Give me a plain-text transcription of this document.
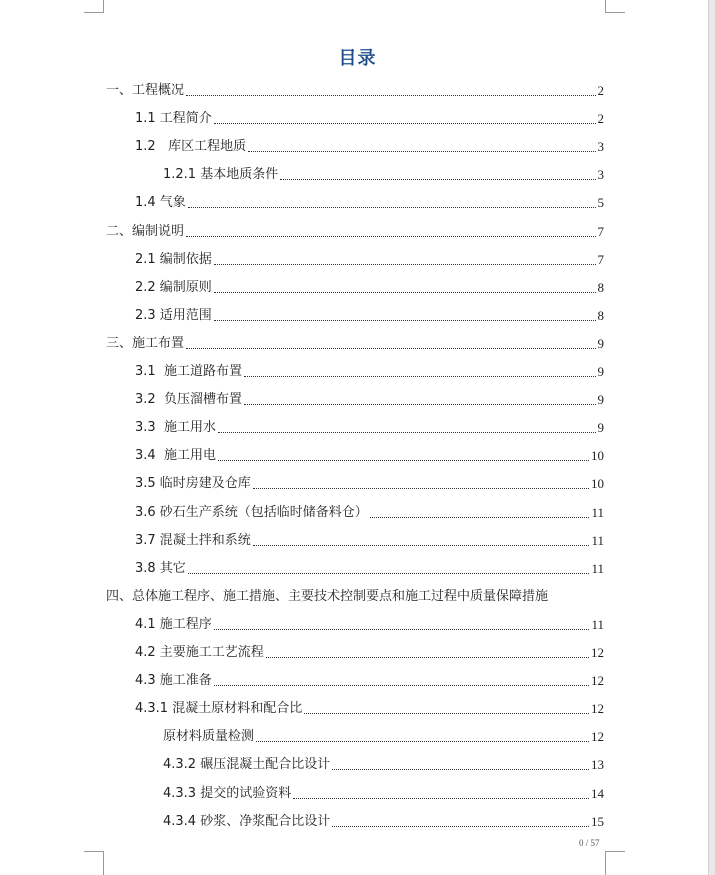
目录
一、工程概况	2
1.1 工程简介	2
1.2   库区工程地质	3
1.2.1 基本地质条件	3
1.4 气象	5
二、编制说明	7
2.1 编制依据	7
2.2 编制原则	8
2.3 适用范围	8
三、施工布置	9
3.1  施工道路布置	9
3.2  负压溜槽布置	9
3.3  施工用水	9
3.4  施工用电	10
3.5 临时房建及仓库	10
3.6 砂石生产系统（包括临时储备料仓）	11
3.7 混凝土拌和系统	11
3.8 其它	11
四、总体施工程序、施工措施、主要技术控制要点和施工过程中质量保障措施
4.1 施工程序	11
4.2 主要施工工艺流程	12
4.3 施工准备	12
4.3.1 混凝土原材料和配合比	12
原材料质量检测	12
4.3.2 碾压混凝土配合比设计	13
4.3.3 提交的试验资料	14
4.3.4 砂浆、净浆配合比设计	15
0 / 57
